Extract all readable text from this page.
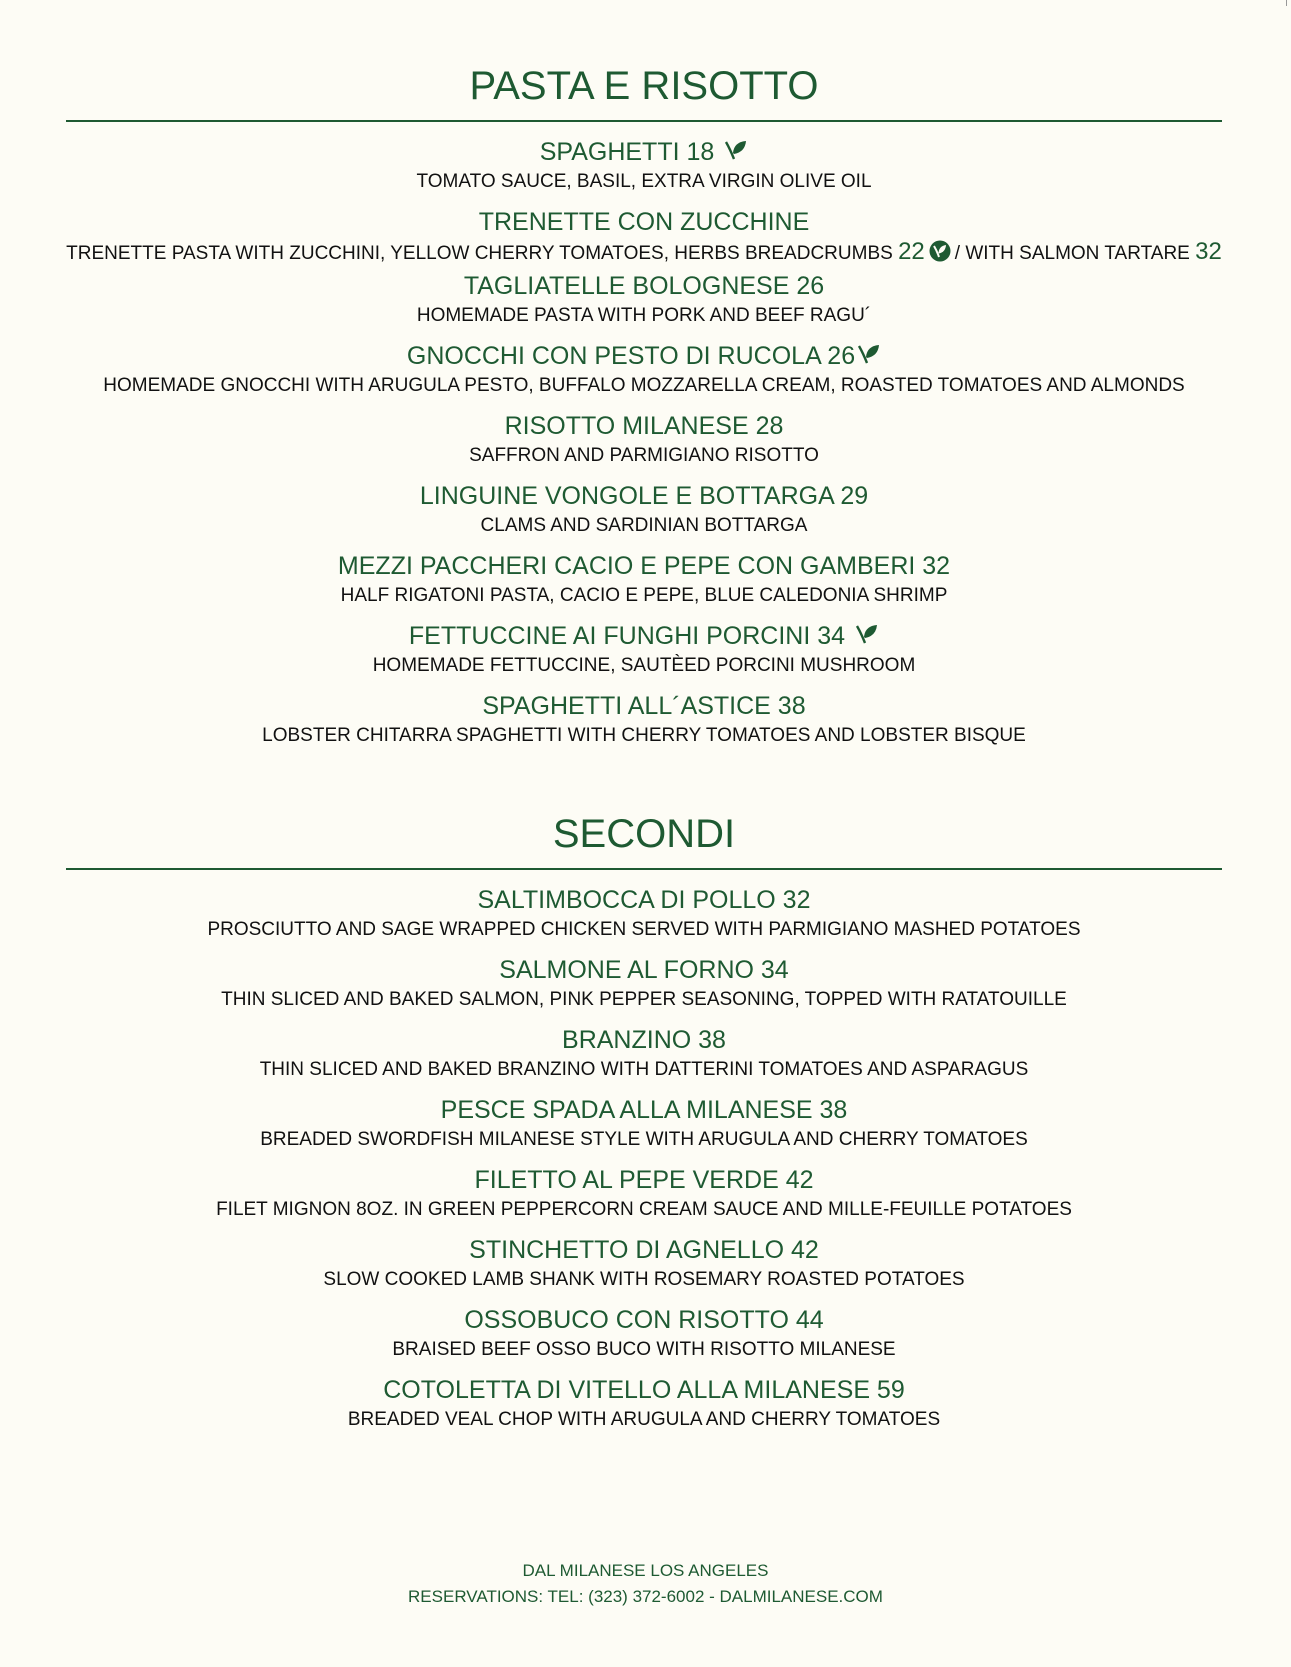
PASTA E RISOTTO
SPAGHETTI 18
TOMATO SAUCE, BASIL, EXTRA VIRGIN OLIVE OIL
TRENETTE CON ZUCCHINE
TRENETTE PASTA WITH ZUCCHINI, YELLOW CHERRY TOMATOES, HERBS BREADCRUMBS 22 / WITH SALMON TARTARE 32
TAGLIATELLE BOLOGNESE 26
HOMEMADE PASTA WITH PORK AND BEEF RAGU´
GNOCCHI CON PESTO DI RUCOLA 26
HOMEMADE GNOCCHI WITH ARUGULA PESTO, BUFFALO MOZZARELLA CREAM, ROASTED TOMATOES AND ALMONDS
RISOTTO MILANESE 28
SAFFRON AND PARMIGIANO RISOTTO
LINGUINE VONGOLE E BOTTARGA 29
CLAMS AND SARDINIAN BOTTARGA
MEZZI PACCHERI CACIO E PEPE CON GAMBERI 32
HALF RIGATONI PASTA, CACIO E PEPE, BLUE CALEDONIA SHRIMP
FETTUCCINE AI FUNGHI PORCINI 34
HOMEMADE FETTUCCINE, SAUTÈED PORCINI MUSHROOM
SPAGHETTI ALL´ASTICE 38
LOBSTER CHITARRA SPAGHETTI WITH CHERRY TOMATOES AND LOBSTER BISQUE
SECONDI
SALTIMBOCCA DI POLLO 32
PROSCIUTTO AND SAGE WRAPPED CHICKEN SERVED WITH PARMIGIANO MASHED POTATOES
SALMONE AL FORNO 34
THIN SLICED AND BAKED SALMON, PINK PEPPER SEASONING, TOPPED WITH RATATOUILLE
BRANZINO 38
THIN SLICED AND BAKED BRANZINO WITH DATTERINI TOMATOES AND ASPARAGUS
PESCE SPADA ALLA MILANESE 38
BREADED SWORDFISH MILANESE STYLE WITH ARUGULA AND CHERRY TOMATOES
FILETTO AL PEPE VERDE 42
FILET MIGNON 8OZ. IN GREEN PEPPERCORN CREAM SAUCE AND MILLE-FEUILLE POTATOES
STINCHETTO DI AGNELLO 42
SLOW COOKED LAMB SHANK WITH ROSEMARY ROASTED POTATOES
OSSOBUCO CON RISOTTO 44
BRAISED BEEF OSSO BUCO WITH RISOTTO MILANESE
COTOLETTA DI VITELLO ALLA MILANESE 59
BREADED VEAL CHOP WITH ARUGULA AND CHERRY TOMATOES
DAL MILANESE LOS ANGELES
RESERVATIONS: TEL: (323) 372-6002 - DALMILANESE.COM
